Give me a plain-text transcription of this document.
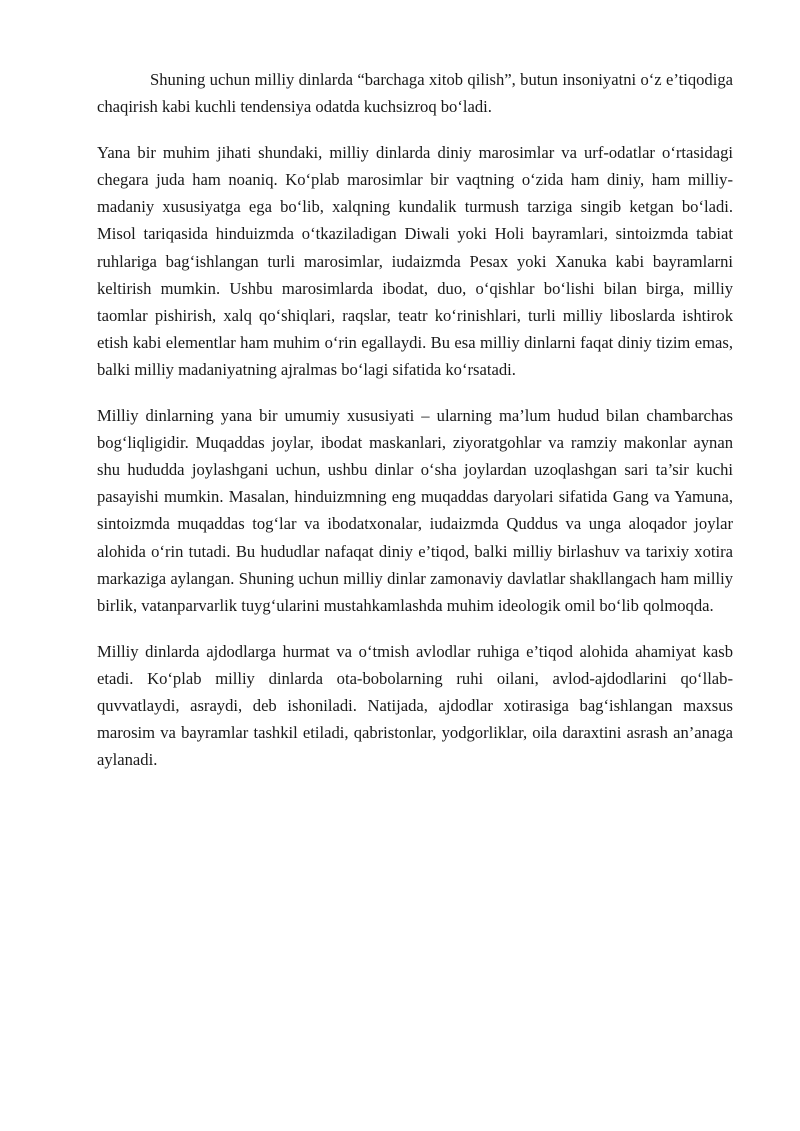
Shuning uchun milliy dinlarda “barchaga xitob qilish”, butun insoniyatni o‘z e’tiqodiga chaqirish kabi kuchli tendensiya odatda kuchsizroq bo‘ladi.

Yana bir muhim jihati shundaki, milliy dinlarda diniy marosimlar va urf-odatlar o‘rtasidagi chegara juda ham noaniq. Ko‘plab marosimlar bir vaqtning o‘zida ham diniy, ham milliy-madaniy xususiyatga ega bo‘lib, xalqning kundalik turmush tarziga singib ketgan bo‘ladi. Misol tariqasida hinduizmda o‘tkaziladigan Diwali yoki Holi bayramlari, sintoizmda tabiat ruhlariga bag‘ishlangan turli marosimlar, iudaizmda Pesax yoki Xanuka kabi bayramlarni keltirish mumkin. Ushbu marosimlarda ibodat, duo, o‘qishlar bo‘lishi bilan birga, milliy taomlar pishirish, xalq qo‘shiqlari, raqslar, teatr ko‘rinishlari, turli milliy liboslarda ishtirok etish kabi elementlar ham muhim o‘rin egallaydi. Bu esa milliy dinlarni faqat diniy tizim emas, balki milliy madaniyatning ajralmas bo‘lagi sifatida ko‘rsatadi.

Milliy dinlarning yana bir umumiy xususiyati – ularning ma’lum hudud bilan chambarchas bog‘liqligidir. Muqaddas joylar, ibodat maskanlari, ziyoratgohlar va ramziy makonlar aynan shu hududda joylashgani uchun, ushbu dinlar o‘sha joylardan uzoqlashgan sari ta’sir kuchi pasayishi mumkin. Masalan, hinduizmning eng muqaddas daryolari sifatida Gang va Yamuna, sintoizmda muqaddas tog‘lar va ibodatxonalar, iudaizmda Quddus va unga aloqador joylar alohida o‘rin tutadi. Bu hududlar nafaqat diniy e’tiqod, balki milliy birlashuv va tarixiy xotira markaziga aylangan. Shuning uchun milliy dinlar zamonaviy davlatlar shakllangach ham milliy birlik, vatanparvarlik tuyg‘ularini mustahkamlashda muhim ideologik omil bo‘lib qolmoqda.

Milliy dinlarda ajdodlarga hurmat va o‘tmish avlodlar ruhiga e’tiqod alohida ahamiyat kasb etadi. Ko‘plab milliy dinlarda ota-bobolarning ruhi oilani, avlod-ajdodlarini qo‘llab-quvvatlaydi, asraydi, deb ishoniladi. Natijada, ajdodlar xotirasiga bag‘ishlangan maxsus marosim va bayramlar tashkil etiladi, qabristonlar, yodgorliklar, oila daraxtini asrash an’anaga aylanadi.
